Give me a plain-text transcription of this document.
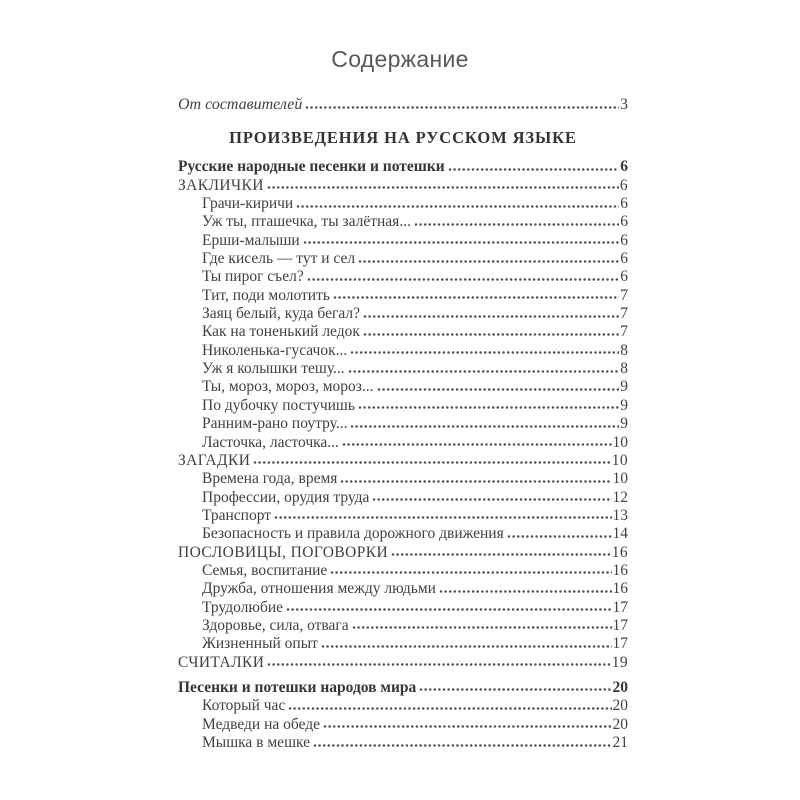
Содержание
От составителей	3
ПРОИЗВЕДЕНИЯ НА РУССКОМ ЯЗЫКЕ
Русские народные песенки и потешки	6
ЗАКЛИЧКИ	6
Грачи-киричи	6
Уж ты, пташечка, ты залётная...	6
Ерши-малыши	6
Где кисель — тут и сел	6
Ты пирог съел?	6
Тит, поди молотить	7
Заяц белый, куда бегал?	7
Как на тоненький ледок	7
Николенька-гусачок...	8
Уж я колышки тешу...	8
Ты, мороз, мороз, мороз...	9
По дубочку постучишь	9
Ранним-рано поутру...	9
Ласточка, ласточка...	10
ЗАГАДКИ	10
Времена года, время	10
Профессии, орудия труда	12
Транспорт	13
Безопасность и правила дорожного движения	14
ПОСЛОВИЦЫ, ПОГОВОРКИ	16
Семья, воспитание	16
Дружба, отношения между людьми	16
Трудолюбие	17
Здоровье, сила, отвага	17
Жизненный опыт	17
СЧИТАЛКИ	19
Песенки и потешки народов мира	20
Который час	20
Медведи на обеде	20
Мышка в мешке	21
